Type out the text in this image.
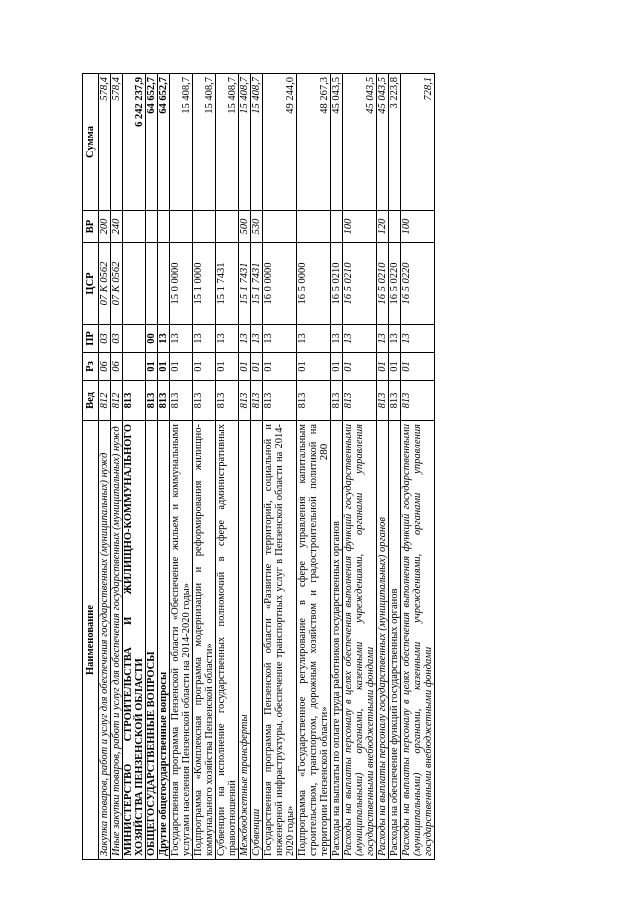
280
Наименование	Вед	Рз	ПР	ЦСР	ВР	Сумма
Закупка товаров, работ и услуг для обеспечения государственных (муниципальных) нужд	812	06	03	07 К 0562	200	578,4
Иные закупки товаров, работ и услуг для обеспечения государственных (муниципальных) нужд	812	06	03	07 К 0562	240	578,4
МИНИСТЕРСТВО СТРОИТЕЛЬСТВА И ЖИЛИЩНО-КОММУНАЛЬНОГО ХОЗЯЙСТВА ПЕНЗЕНСКОЙ ОБЛАСТИ	813					6 242 237,9
ОБЩЕГОСУДАРСТВЕННЫЕ ВОПРОСЫ	813	01	00			64 652,7
Другие общегосударственные вопросы	813	01	13			64 652,7
Государственная программа Пензенской области «Обеспечение жильем и коммунальными услугами населения Пензенской области на 2014-2020 годы»	813	01	13	15 0 0000		15 408,7
Подпрограмма «Комплексная программа модернизации и реформирования жилищно-коммунального хозяйства Пензенской области»	813	01	13	15 1 0000		15 408,7
Субвенции на исполнение государственных полномочий в сфере административных правоотношений	813	01	13	15 1 7431		15 408,7
Межбюджетные трансферты	813	01	13	15 1 7431	500	15 408,7
Субвенции	813	01	13	15 1 7431	530	15 408,7
Государственная программа Пензенской области «Развитие территорий, социальной и инженерной инфраструктуры, обеспечение транспортных услуг в Пензенской области на 2014-2020 годы»	813	01	13	16 0 0000		49 244,0
Подпрограмма «Государственное регулирование в сфере управления капитальным строительством, транспортом, дорожным хозяйством и градостроительной политикой на территории Пензенской области»	813	01	13	16 5 0000		48 267,3
Расходы на выплаты по оплате труда работников государственных органов	813	01	13	16 5 0210		45 043,5
Расходы на выплаты персоналу в целях обеспечения выполнения функций государственными (муниципальными) органами, казенными учреждениями, органами управления государственными внебюджетными фондами	813	01	13	16 5 0210	100	45 043,5
Расходы на выплаты персоналу государственных (муниципальных) органов	813	01	13	16 5 0210	120	45 043,5
Расходы на обеспечение функций государственных органов	813	01	13	16 5 0220		3 223,8
Расходы на выплаты персоналу в целях обеспечения выполнения функций государственными (муниципальными) органами, казенными учреждениями, органами управления государственными внебюджетными фондами	813	01	13	16 5 0220	100	728,1
